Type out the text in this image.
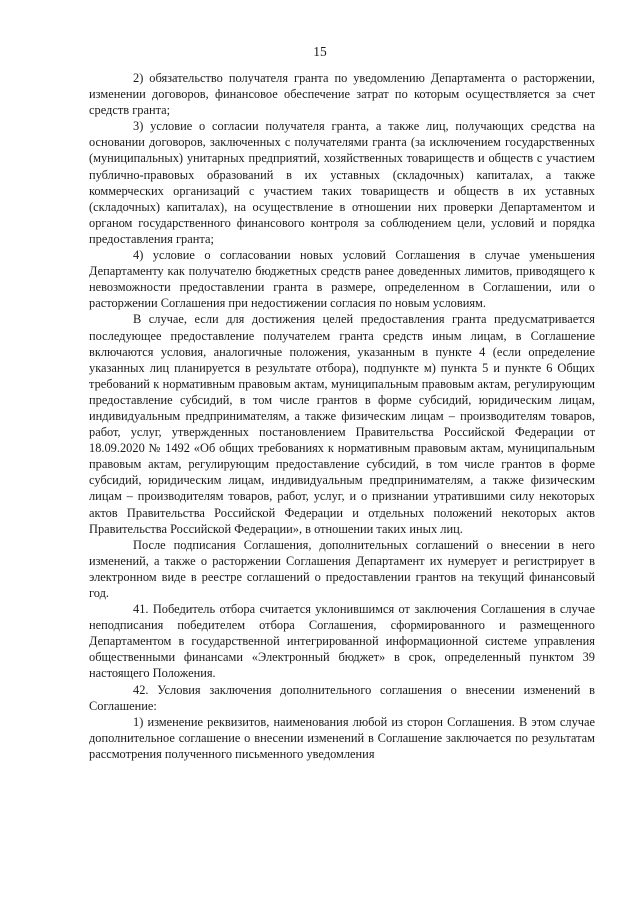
15

2) обязательство получателя гранта по уведомлению Департамента о расторжении, изменении договоров, финансовое обеспечение затрат по которым осуществляется за счет средств гранта;

3) условие о согласии получателя гранта, а также лиц, получающих средства на основании договоров, заключенных с получателями гранта (за исключением государственных (муниципальных) унитарных предприятий, хозяйственных товариществ и обществ с участием публично-правовых образований в их уставных (складочных) капиталах, а также коммерческих организаций с участием таких товариществ и обществ в их уставных (складочных) капиталах), на осуществление в отношении них проверки Департаментом и органом государственного финансового контроля за соблюдением цели, условий и порядка предоставления гранта;

4) условие о согласовании новых условий Соглашения в случае уменьшения Департаменту как получателю бюджетных средств ранее доведенных лимитов, приводящего к невозможности предоставлении гранта в размере, определенном в Соглашении, или о расторжении Соглашения при недостижении согласия по новым условиям.

В случае, если для достижения целей предоставления гранта предусматривается последующее предоставление получателем гранта средств иным лицам, в Соглашение включаются условия, аналогичные положения, указанным в пункте 4 (если определение указанных лиц планируется в результате отбора), подпункте м) пункта 5 и пункте 6 Общих требований к нормативным правовым актам, муниципальным правовым актам, регулирующим предоставление субсидий, в том числе грантов в форме субсидий, юридическим лицам, индивидуальным предпринимателям, а также физическим лицам – производителям товаров, работ, услуг, утвержденных постановлением Правительства Российской Федерации от 18.09.2020 № 1492 «Об общих требованиях к нормативным правовым актам, муниципальным правовым актам, регулирующим предоставление субсидий, в том числе грантов в форме субсидий, юридическим лицам, индивидуальным предпринимателям, а также физическим лицам – производителям товаров, работ, услуг, и о признании утратившими силу некоторых актов Правительства Российской Федерации и отдельных положений некоторых актов Правительства Российской Федерации», в отношении таких иных лиц.

После подписания Соглашения, дополнительных соглашений о внесении в него изменений, а также о расторжении Соглашения Департамент их нумерует и регистрирует в электронном виде в реестре соглашений о предоставлении грантов на текущий финансовый год.

41. Победитель отбора считается уклонившимся от заключения Соглашения в случае неподписания победителем отбора Соглашения, сформированного и размещенного Департаментом в государственной интегрированной информационной системе управления общественными финансами «Электронный бюджет» в срок, определенный пунктом 39 настоящего Положения.

42. Условия заключения дополнительного соглашения о внесении изменений в Соглашение:

1) изменение реквизитов, наименования любой из сторон Соглашения. В этом случае дополнительное соглашение о внесении изменений в Соглашение заключается по результатам рассмотрения полученного письменного уведомления
